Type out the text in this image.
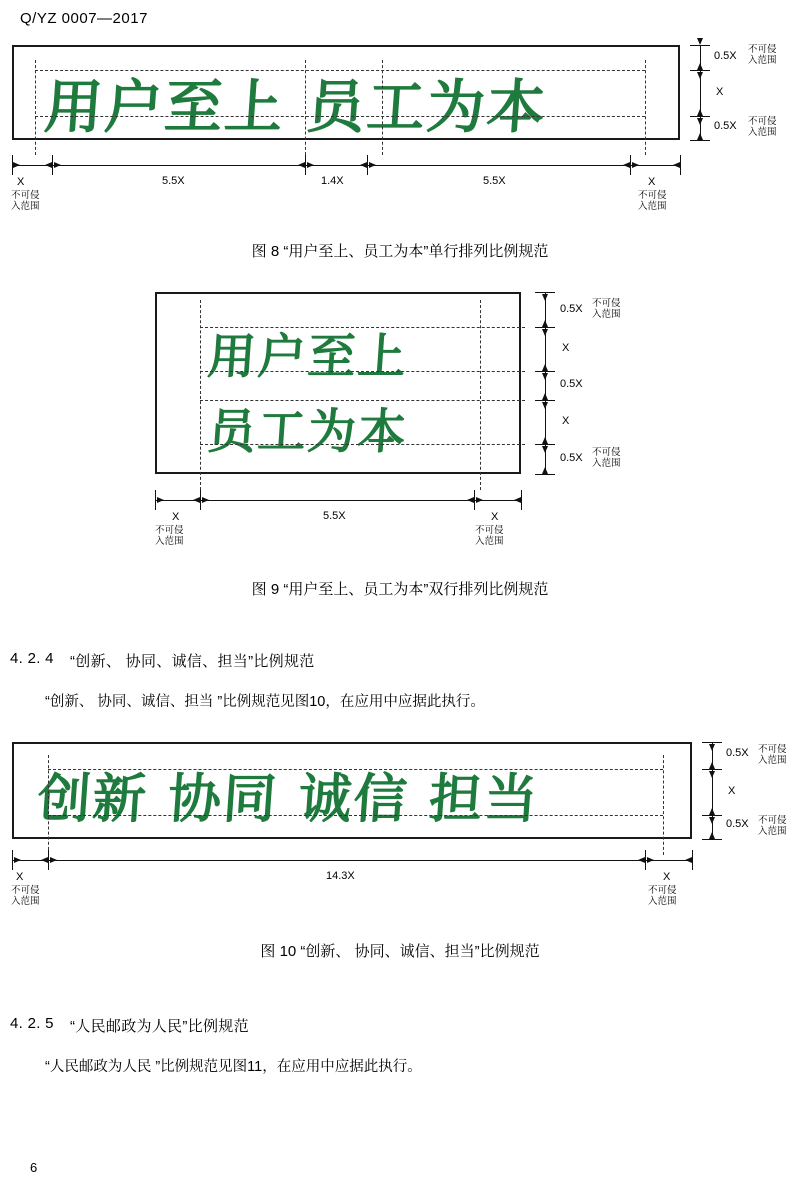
Q/YZ 0007—2017
用户至上 员工为本
0.5X
不可侵
入范围
X
0.5X 不可侵
入范围
X
不可侵
入范围
5.5X	1.4X	5.5X	X
不可侵
入范围
图 8 “用户至上、员工为本”单行排列比例规范
用户至上
员工为本
0.5X 不可侵
入范围
X
0.5X
X
0.5X 不可侵
入范围
X
不可侵
入范围
5.5X	X
不可侵
入范围
图 9 “用户至上、员工为本”双行排列比例规范
4. 2. 4 “创新、 协同、诚信、担当”比例规范
“创新、 协同、诚信、担当 ”比例规范见图10，在应用中应据此执行。
创新 协同 诚信 担当
0.5X 不可侵
入范围
X
0.5X 不可侵
入范围
X
不可侵
入范围
14.3X	X
不可侵
入范围
图 10 “创新、 协同、诚信、担当”比例规范
4. 2. 5 “人民邮政为人民”比例规范
“人民邮政为人民 ”比例规范见图11，在应用中应据此执行。
6
